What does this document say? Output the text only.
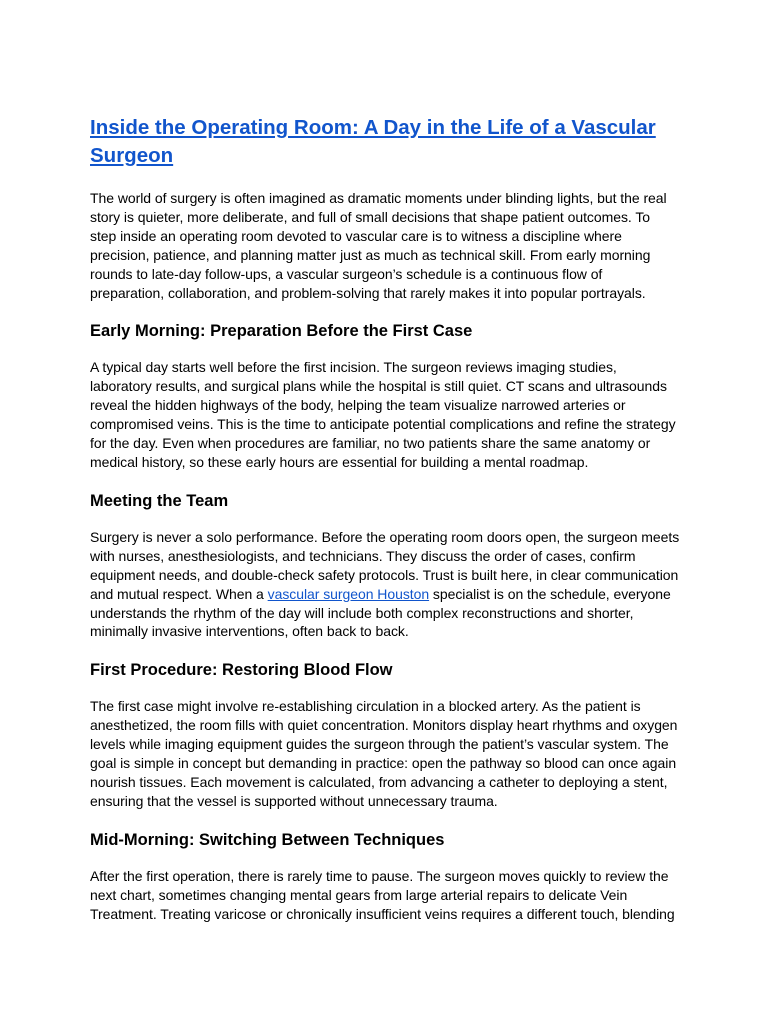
Inside the Operating Room: A Day in the Life of a Vascular Surgeon

The world of surgery is often imagined as dramatic moments under blinding lights, but the real story is quieter, more deliberate, and full of small decisions that shape patient outcomes. To step inside an operating room devoted to vascular care is to witness a discipline where precision, patience, and planning matter just as much as technical skill. From early morning rounds to late-day follow-ups, a vascular surgeon’s schedule is a continuous flow of preparation, collaboration, and problem-solving that rarely makes it into popular portrayals.

Early Morning: Preparation Before the First Case

A typical day starts well before the first incision. The surgeon reviews imaging studies, laboratory results, and surgical plans while the hospital is still quiet. CT scans and ultrasounds reveal the hidden highways of the body, helping the team visualize narrowed arteries or compromised veins. This is the time to anticipate potential complications and refine the strategy for the day. Even when procedures are familiar, no two patients share the same anatomy or medical history, so these early hours are essential for building a mental roadmap.

Meeting the Team

Surgery is never a solo performance. Before the operating room doors open, the surgeon meets with nurses, anesthesiologists, and technicians. They discuss the order of cases, confirm equipment needs, and double-check safety protocols. Trust is built here, in clear communication and mutual respect. When a vascular surgeon Houston specialist is on the schedule, everyone understands the rhythm of the day will include both complex reconstructions and shorter, minimally invasive interventions, often back to back.

First Procedure: Restoring Blood Flow

The first case might involve re-establishing circulation in a blocked artery. As the patient is anesthetized, the room fills with quiet concentration. Monitors display heart rhythms and oxygen levels while imaging equipment guides the surgeon through the patient’s vascular system. The goal is simple in concept but demanding in practice: open the pathway so blood can once again nourish tissues. Each movement is calculated, from advancing a catheter to deploying a stent, ensuring that the vessel is supported without unnecessary trauma.

Mid-Morning: Switching Between Techniques

After the first operation, there is rarely time to pause. The surgeon moves quickly to review the next chart, sometimes changing mental gears from large arterial repairs to delicate Vein Treatment. Treating varicose or chronically insufficient veins requires a different touch, blending
